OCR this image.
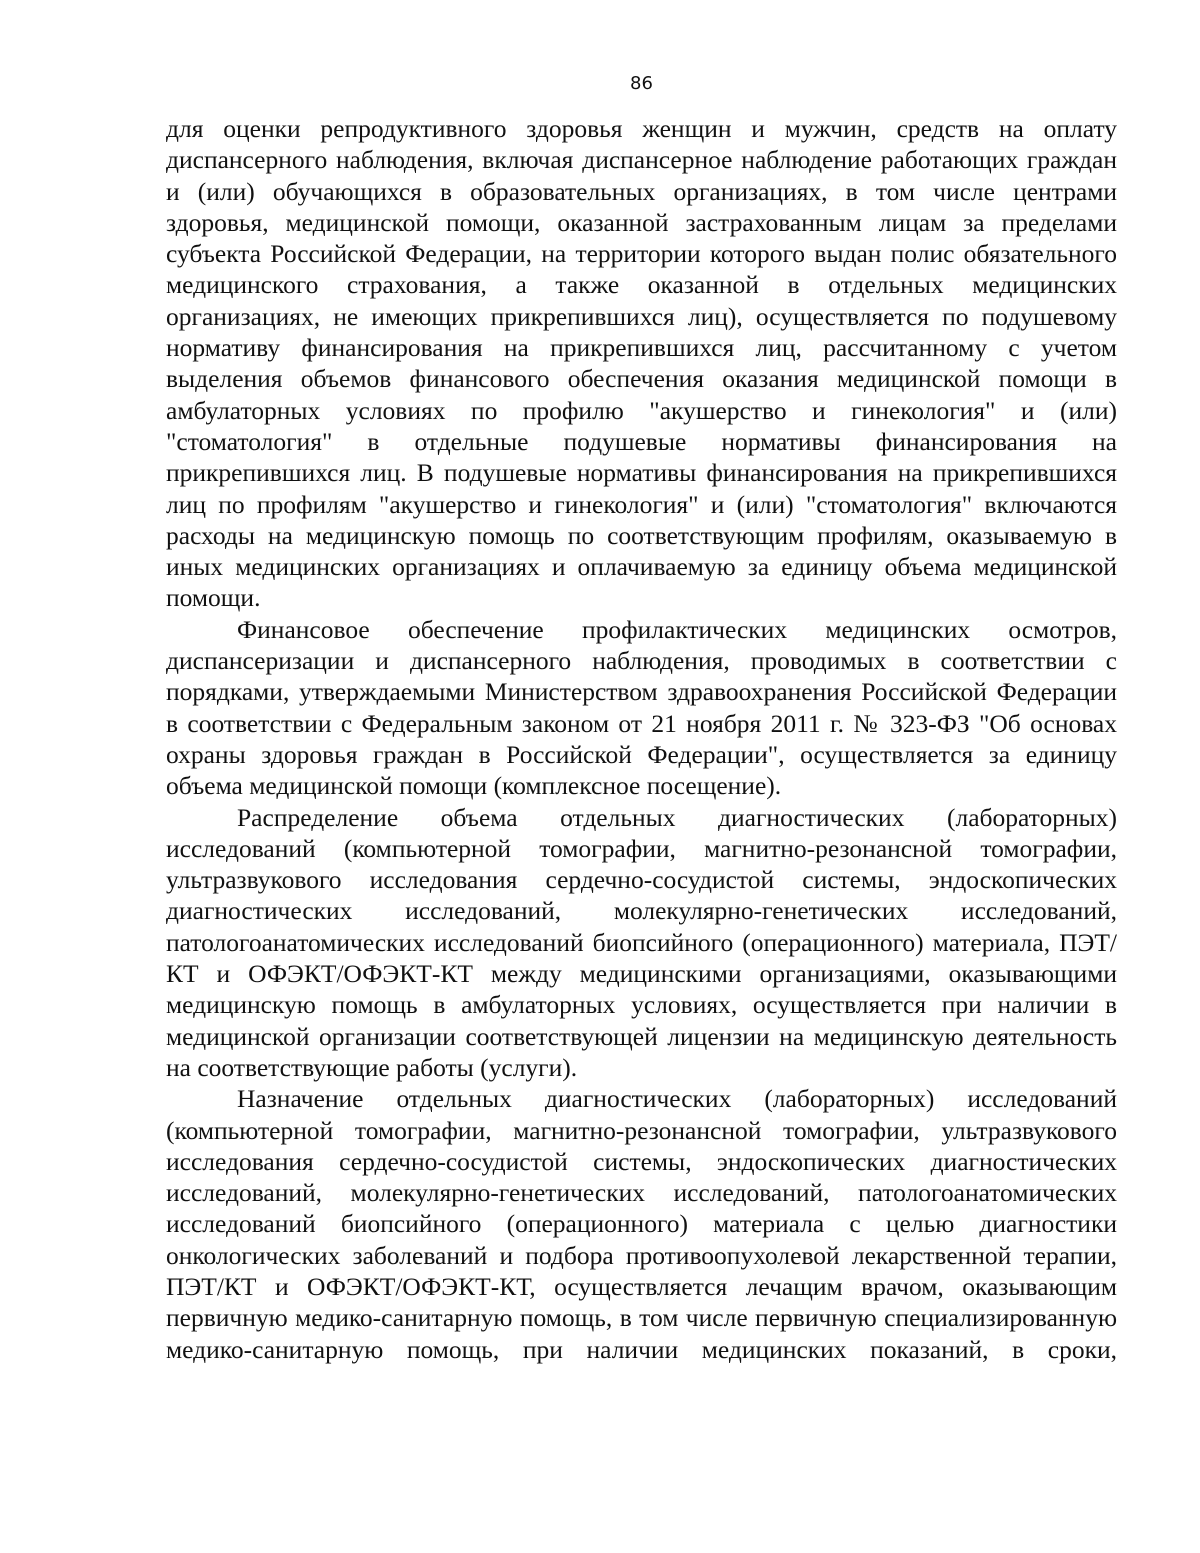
86

для оценки репродуктивного здоровья женщин и мужчин, средств на оплату диспансерного наблюдения, включая диспансерное наблюдение работающих граждан и (или) обучающихся в образовательных организациях, в том числе центрами здоровья, медицинской помощи, оказанной застрахованным лицам за пределами субъекта Российской Федерации, на территории которого выдан полис обязательного медицинского страхования, а также оказанной в отдельных медицинских организациях, не имеющих прикрепившихся лиц), осуществляется по подушевому нормативу финансирования на прикрепившихся лиц, рассчитанному с учетом выделения объемов финансового обеспечения оказания медицинской помощи в амбулаторных условиях по профилю "акушерство и гинекология" и (или) "стоматология" в отдельные подушевые нормативы финансирования на прикрепившихся лиц. В подушевые нормативы финансирования на прикрепившихся лиц по профилям "акушерство и гинекология" и (или) "стоматология" включаются расходы на медицинскую помощь по соответствующим профилям, оказываемую в иных медицинских организациях и оплачиваемую за единицу объема медицинской помощи.

Финансовое обеспечение профилактических медицинских осмотров, диспансеризации и диспансерного наблюдения, проводимых в соответствии с порядками, утверждаемыми Министерством здравоохранения Российской Федерации в соответствии с Федеральным законом от 21 ноября 2011 г. № 323-ФЗ "Об основах охраны здоровья граждан в Российской Федерации", осуществляется за единицу объема медицинской помощи (комплексное посещение).

Распределение объема отдельных диагностических (лабораторных) исследований (компьютерной томографии, магнитно-резонансной томографии, ультразвукового исследования сердечно-сосудистой системы, эндоскопических диагностических исследований, молекулярно-генетических исследований, патологоанатомических исследований биопсийного (операционного) материала, ПЭТ/КТ и ОФЭКТ/ОФЭКТ-КТ между медицинскими организациями, оказывающими медицинскую помощь в амбулаторных условиях, осуществляется при наличии в медицинской организации соответствующей лицензии на медицинскую деятельность на соответствующие работы (услуги).

Назначение отдельных диагностических (лабораторных) исследований (компьютерной томографии, магнитно-резонансной томографии, ультразвукового исследования сердечно-сосудистой системы, эндоскопических диагностических исследований, молекулярно-генетических исследований, патологоанатомических исследований биопсийного (операционного) материала с целью диагностики онкологических заболеваний и подбора противоопухолевой лекарственной терапии, ПЭТ/КТ и ОФЭКТ/ОФЭКТ-КТ, осуществляется лечащим врачом, оказывающим первичную медико-санитарную помощь, в том числе первичную специализированную медико-санитарную помощь, при наличии медицинских показаний, в сроки,
